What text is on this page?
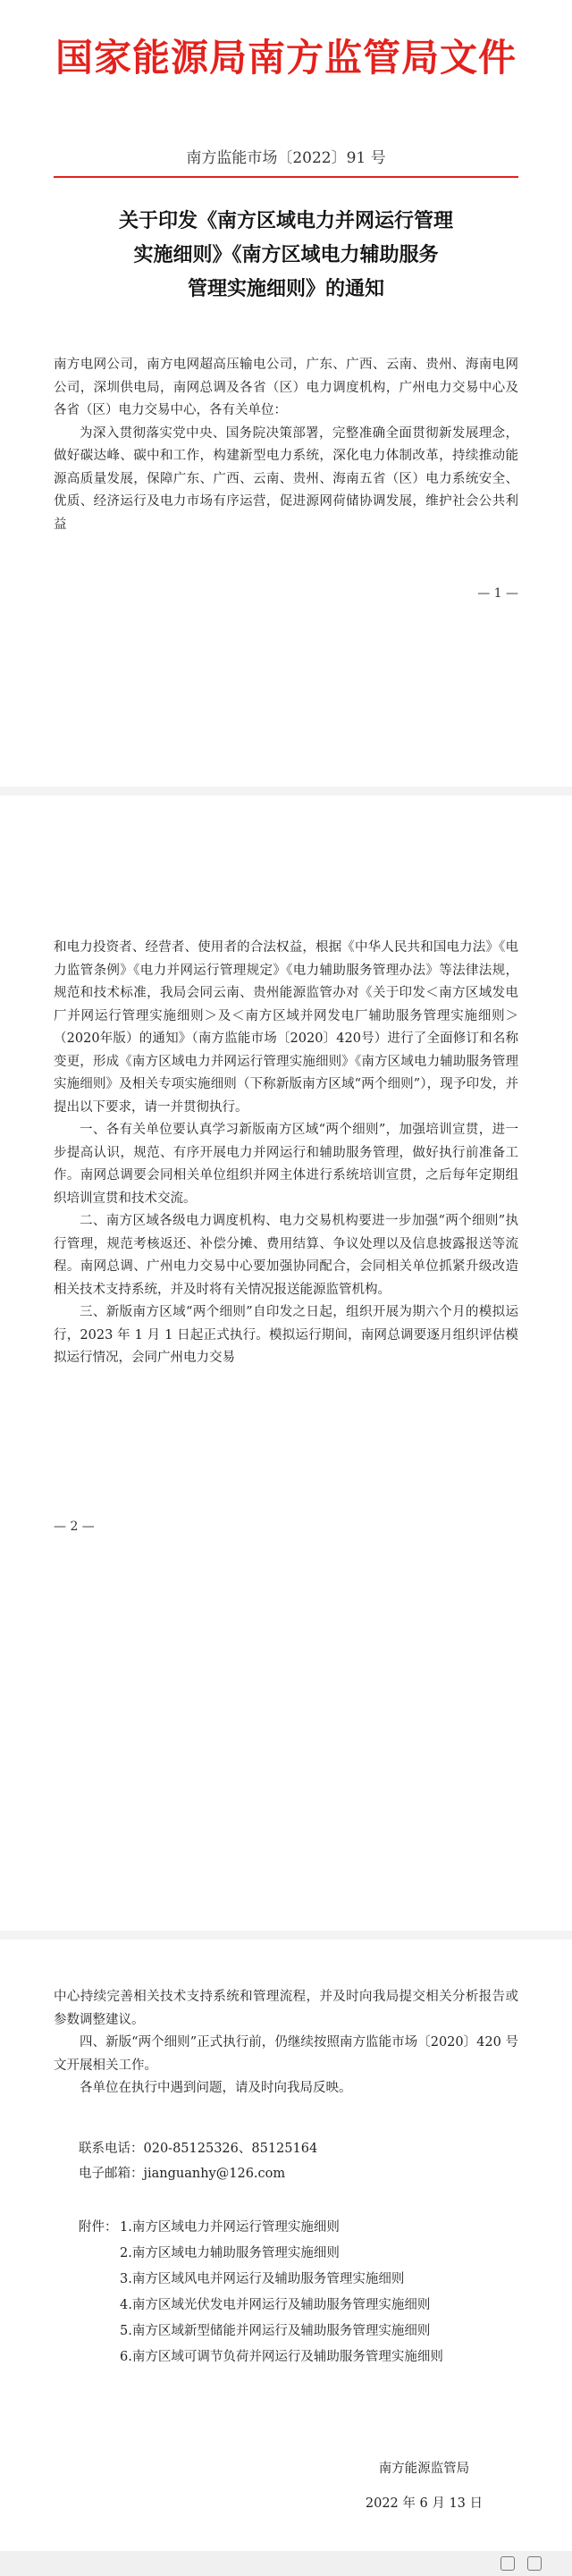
国家能源局南方监管局文件
南方监能市场〔2022〕91 号
关于印发《南方区域电力并网运行管理
实施细则》《南方区域电力辅助服务
管理实施细则》的通知

南方电网公司，南方电网超高压输电公司，广东、广西、云南、贵州、海南电网公司，深圳供电局，南网总调及各省（区）电力调度机构，广州电力交易中心及各省（区）电力交易中心，各有关单位：

为深入贯彻落实党中央、国务院决策部署，完整准确全面贯彻新发展理念，做好碳达峰、碳中和工作，构建新型电力系统，深化电力体制改革，持续推动能源高质量发展，保障广东、广西、云南、贵州、海南五省（区）电力系统安全、优质、经济运行及电力市场有序运营，促进源网荷储协调发展，维护社会公共利益

— 1 —

和电力投资者、经营者、使用者的合法权益，根据《中华人民共和国电力法》《电力监管条例》《电力并网运行管理规定》《电力辅助服务管理办法》等法律法规，规范和技术标准，我局会同云南、贵州能源监管办对《关于印发＜南方区域发电厂并网运行管理实施细则＞及＜南方区域并网发电厂辅助服务管理实施细则＞（2020年版）的通知》（南方监能市场〔2020〕420号）进行了全面修订和名称变更，形成《南方区域电力并网运行管理实施细则》《南方区域电力辅助服务管理实施细则》及相关专项实施细则（下称新版南方区域“两个细则”），现予印发，并提出以下要求，请一并贯彻执行。

一、各有关单位要认真学习新版南方区域“两个细则”，加强培训宣贯，进一步提高认识，规范、有序开展电力并网运行和辅助服务管理，做好执行前准备工作。南网总调要会同相关单位组织并网主体进行系统培训宣贯，之后每年定期组织培训宣贯和技术交流。

二、南方区域各级电力调度机构、电力交易机构要进一步加强“两个细则”执行管理，规范考核返还、补偿分摊、费用结算、争议处理以及信息披露报送等流程。南网总调、广州电力交易中心要加强协同配合，会同相关单位抓紧升级改造相关技术支持系统，并及时将有关情况报送能源监管机构。

三、新版南方区域“两个细则”自印发之日起，组织开展为期六个月的模拟运行，2023 年 1 月 1 日起正式执行。模拟运行期间，南网总调要逐月组织评估模拟运行情况，会同广州电力交易

— 2 —

中心持续完善相关技术支持系统和管理流程，并及时向我局提交相关分析报告或参数调整建议。

四、新版“两个细则”正式执行前，仍继续按照南方监能市场〔2020〕420 号文开展相关工作。

各单位在执行中遇到问题，请及时向我局反映。

联系电话：020-85125326、85125164
电子邮箱：jianguanhy@126.com
附件： 1.南方区域电力并网运行管理实施细则
2.南方区域电力辅助服务管理实施细则
3.南方区域风电并网运行及辅助服务管理实施细则
4.南方区域光伏发电并网运行及辅助服务管理实施细则
5.南方区域新型储能并网运行及辅助服务管理实施细则
6.南方区域可调节负荷并网运行及辅助服务管理实施细则
南方能源监管局
2022 年 6 月 13 日
